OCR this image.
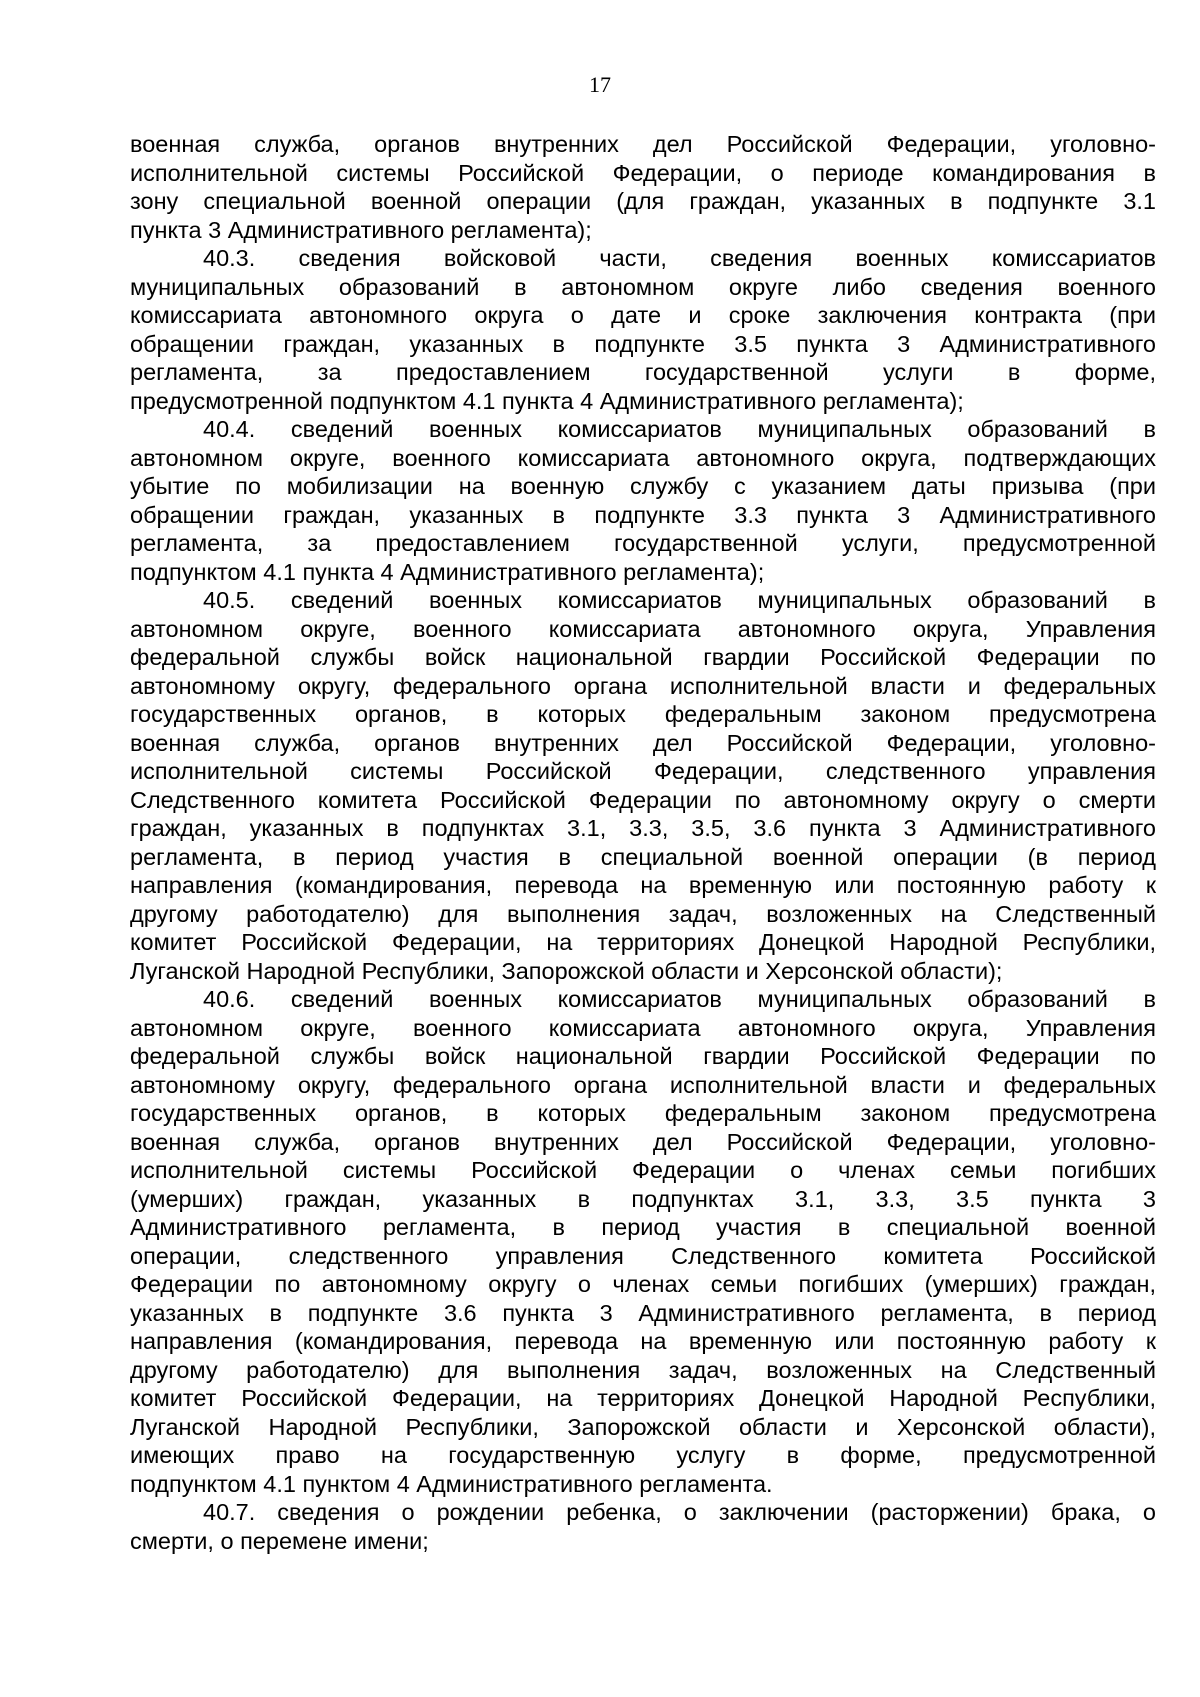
17
военная служба, органов внутренних дел Российской Федерации, уголовно-
исполнительной системы Российской Федерации, о периоде командирования в
зону специальной военной операции (для граждан, указанных в подпункте 3.1
пункта 3 Административного регламента);
40.3. сведения войсковой части, сведения военных комиссариатов
муниципальных образований в автономном округе либо сведения военного
комиссариата автономного округа о дате и сроке заключения контракта (при
обращении граждан, указанных в подпункте 3.5 пункта 3 Административного
регламента, за предоставлением государственной услуги в форме,
предусмотренной подпунктом 4.1 пункта 4 Административного регламента);
40.4. сведений военных комиссариатов муниципальных образований в
автономном округе, военного комиссариата автономного округа, подтверждающих
убытие по мобилизации на военную службу с указанием даты призыва (при
обращении граждан, указанных в подпункте 3.3 пункта 3 Административного
регламента, за предоставлением государственной услуги, предусмотренной
подпунктом 4.1 пункта 4 Административного регламента);
40.5. сведений военных комиссариатов муниципальных образований в
автономном округе, военного комиссариата автономного округа, Управления
федеральной службы войск национальной гвардии Российской Федерации по
автономному округу, федерального органа исполнительной власти и федеральных
государственных органов, в которых федеральным законом предусмотрена
военная служба, органов внутренних дел Российской Федерации, уголовно-
исполнительной системы Российской Федерации, следственного управления
Следственного комитета Российской Федерации по автономному округу о смерти
граждан, указанных в подпунктах 3.1, 3.3, 3.5, 3.6 пункта 3 Административного
регламента, в период участия в специальной военной операции (в период
направления (командирования, перевода на временную или постоянную работу к
другому работодателю) для выполнения задач, возложенных на Следственный
комитет Российской Федерации, на территориях Донецкой Народной Республики,
Луганской Народной Республики, Запорожской области и Херсонской области);
40.6. сведений военных комиссариатов муниципальных образований в
автономном округе, военного комиссариата автономного округа, Управления
федеральной службы войск национальной гвардии Российской Федерации по
автономному округу, федерального органа исполнительной власти и федеральных
государственных органов, в которых федеральным законом предусмотрена
военная служба, органов внутренних дел Российской Федерации, уголовно-
исполнительной системы Российской Федерации о членах семьи погибших
(умерших) граждан, указанных в подпунктах 3.1, 3.3, 3.5 пункта 3
Административного регламента, в период участия в специальной военной
операции, следственного управления Следственного комитета Российской
Федерации по автономному округу о членах семьи погибших (умерших) граждан,
указанных в подпункте 3.6 пункта 3 Административного регламента, в период
направления (командирования, перевода на временную или постоянную работу к
другому работодателю) для выполнения задач, возложенных на Следственный
комитет Российской Федерации, на территориях Донецкой Народной Республики,
Луганской Народной Республики, Запорожской области и Херсонской области),
имеющих право на государственную услугу в форме, предусмотренной
подпунктом 4.1 пунктом 4 Административного регламента.
40.7. сведения о рождении ребенка, о заключении (расторжении) брака, о
смерти, о перемене имени;
